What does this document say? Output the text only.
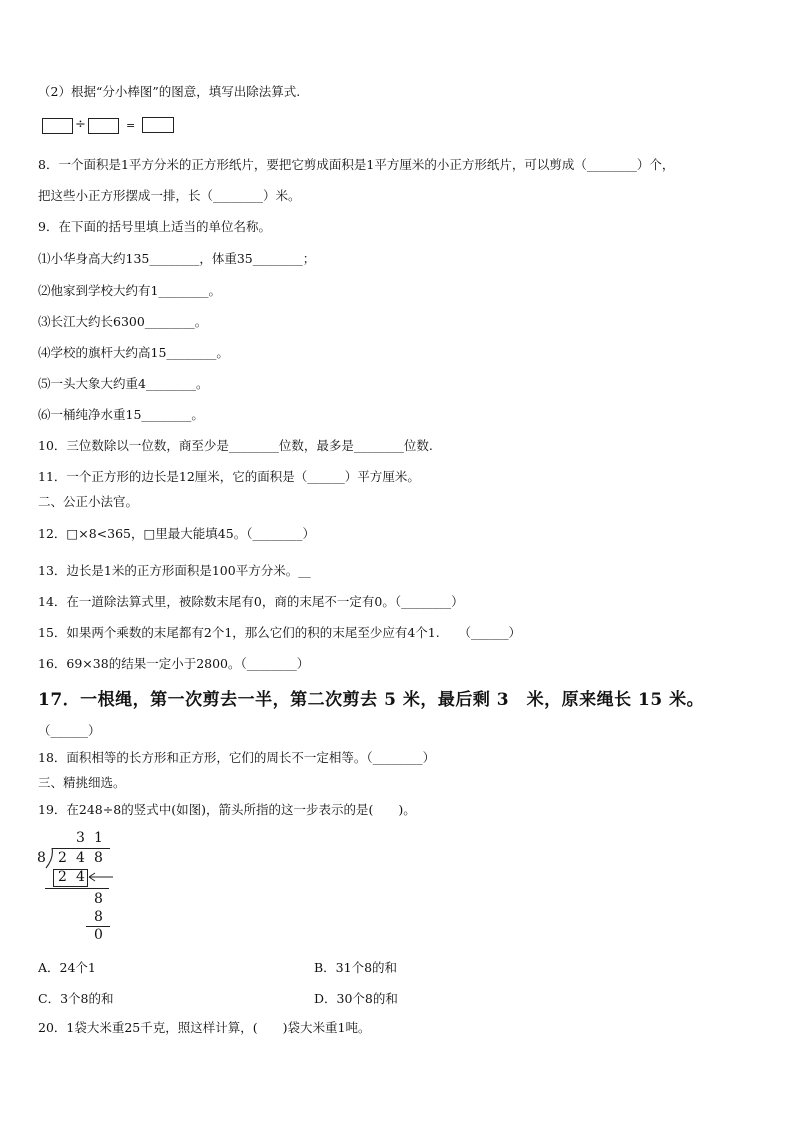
（2）根据“分小棒图”的图意，填写出除法算式.
÷	=
8．一个面积是1平方分米的正方形纸片，要把它剪成面积是1平方厘米的小正方形纸片，可以剪成（________）个，
把这些小正方形摆成一排，长（________）米。
9．在下面的括号里填上适当的单位名称。
⑴小华身高大约135________，体重35________；
⑵他家到学校大约有1________。
⑶长江大约长6300________。
⑷学校的旗杆大约高15________。
⑸一头大象大约重4________。
⑹一桶纯净水重15________。
10．三位数除以一位数，商至少是________位数，最多是________位数.
11．一个正方形的边长是12厘米，它的面积是（______）平方厘米。
二、公正小法官。
12．□×8<365，□里最大能填45。（________）
13．边长是1米的正方形面积是100平方分米。__
14．在一道除法算式里，被除数末尾有0，商的末尾不一定有0。（________）
15．如果两个乘数的末尾都有2个1，那么它们的积的末尾至少应有4个1.　　（______）
16．69×38的结果一定小于2800。（________）
17．一根绳，第一次剪去一半，第二次剪去 5 米，最后剩 3　米，原来绳长 15 米。
（______）
18．面积相等的长方形和正方形，它们的周长不一定相等。（________）
三、精挑细选。
19．在248÷8的竖式中(如图)，箭头所指的这一步表示的是(　　)。
3 1
8 2 4 8
2 4
8
8
0
A．24个1	B．31个8的和
C．3个8的和	D．30个8的和
20．1袋大米重25千克，照这样计算，(　　)袋大米重1吨。
